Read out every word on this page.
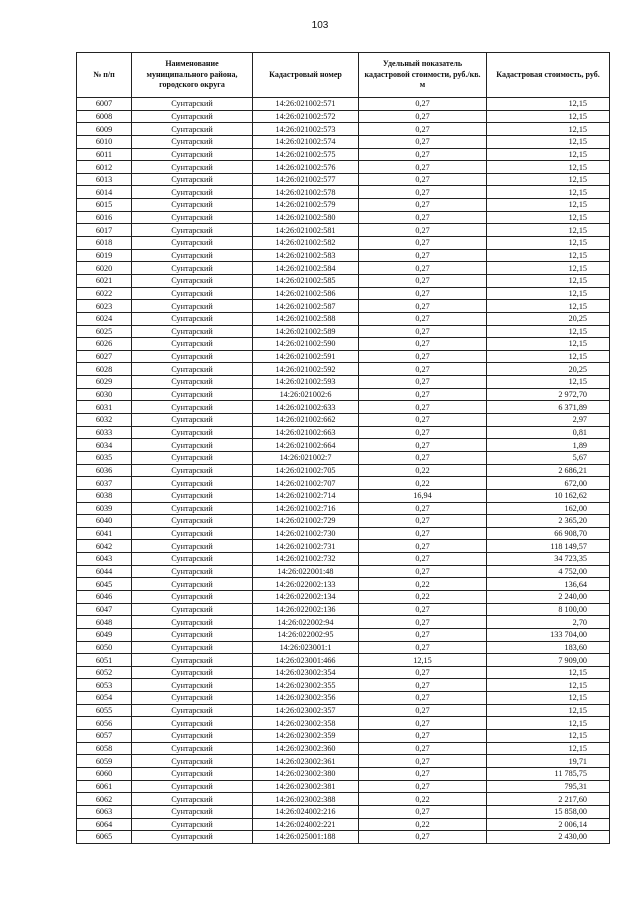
103
№ п/п	Наименование муниципального района, городского округа	Кадастровый номер	Удельный показатель кадастровой стоимости, руб./кв. м	Кадастровая стоимость, руб.
6007	Сунтарский	14:26:021002:571	0,27	12,15
6008	Сунтарский	14:26:021002:572	0,27	12,15
6009	Сунтарский	14:26:021002:573	0,27	12,15
6010	Сунтарский	14:26:021002:574	0,27	12,15
6011	Сунтарский	14:26:021002:575	0,27	12,15
6012	Сунтарский	14:26:021002:576	0,27	12,15
6013	Сунтарский	14:26:021002:577	0,27	12,15
6014	Сунтарский	14:26:021002:578	0,27	12,15
6015	Сунтарский	14:26:021002:579	0,27	12,15
6016	Сунтарский	14:26:021002:580	0,27	12,15
6017	Сунтарский	14:26:021002:581	0,27	12,15
6018	Сунтарский	14:26:021002:582	0,27	12,15
6019	Сунтарский	14:26:021002:583	0,27	12,15
6020	Сунтарский	14:26:021002:584	0,27	12,15
6021	Сунтарский	14:26:021002:585	0,27	12,15
6022	Сунтарский	14:26:021002:586	0,27	12,15
6023	Сунтарский	14:26:021002:587	0,27	12,15
6024	Сунтарский	14:26:021002:588	0,27	20,25
6025	Сунтарский	14:26:021002:589	0,27	12,15
6026	Сунтарский	14:26:021002:590	0,27	12,15
6027	Сунтарский	14:26:021002:591	0,27	12,15
6028	Сунтарский	14:26:021002:592	0,27	20,25
6029	Сунтарский	14:26:021002:593	0,27	12,15
6030	Сунтарский	14:26:021002:6	0,27	2 972,70
6031	Сунтарский	14:26:021002:633	0,27	6 371,89
6032	Сунтарский	14:26:021002:662	0,27	2,97
6033	Сунтарский	14:26:021002:663	0,27	0,81
6034	Сунтарский	14:26:021002:664	0,27	1,89
6035	Сунтарский	14:26:021002:7	0,27	5,67
6036	Сунтарский	14:26:021002:705	0,22	2 686,21
6037	Сунтарский	14:26:021002:707	0,22	672,00
6038	Сунтарский	14:26:021002:714	16,94	10 162,62
6039	Сунтарский	14:26:021002:716	0,27	162,00
6040	Сунтарский	14:26:021002:729	0,27	2 365,20
6041	Сунтарский	14:26:021002:730	0,27	66 908,70
6042	Сунтарский	14:26:021002:731	0,27	118 149,57
6043	Сунтарский	14:26:021002:732	0,27	34 723,35
6044	Сунтарский	14:26:022001:48	0,27	4 752,00
6045	Сунтарский	14:26:022002:133	0,22	136,64
6046	Сунтарский	14:26:022002:134	0,22	2 240,00
6047	Сунтарский	14:26:022002:136	0,27	8 100,00
6048	Сунтарский	14:26:022002:94	0,27	2,70
6049	Сунтарский	14:26:022002:95	0,27	133 704,00
6050	Сунтарский	14:26:023001:1	0,27	183,60
6051	Сунтарский	14:26:023001:466	12,15	7 909,00
6052	Сунтарский	14:26:023002:354	0,27	12,15
6053	Сунтарский	14:26:023002:355	0,27	12,15
6054	Сунтарский	14:26:023002:356	0,27	12,15
6055	Сунтарский	14:26:023002:357	0,27	12,15
6056	Сунтарский	14:26:023002:358	0,27	12,15
6057	Сунтарский	14:26:023002:359	0,27	12,15
6058	Сунтарский	14:26:023002:360	0,27	12,15
6059	Сунтарский	14:26:023002:361	0,27	19,71
6060	Сунтарский	14:26:023002:380	0,27	11 785,75
6061	Сунтарский	14:26:023002:381	0,27	795,31
6062	Сунтарский	14:26:023002:388	0,22	2 217,60
6063	Сунтарский	14:26:024002:216	0,27	15 858,00
6064	Сунтарский	14:26:024002:221	0,22	2 006,14
6065	Сунтарский	14:26:025001:188	0,27	2 430,00
